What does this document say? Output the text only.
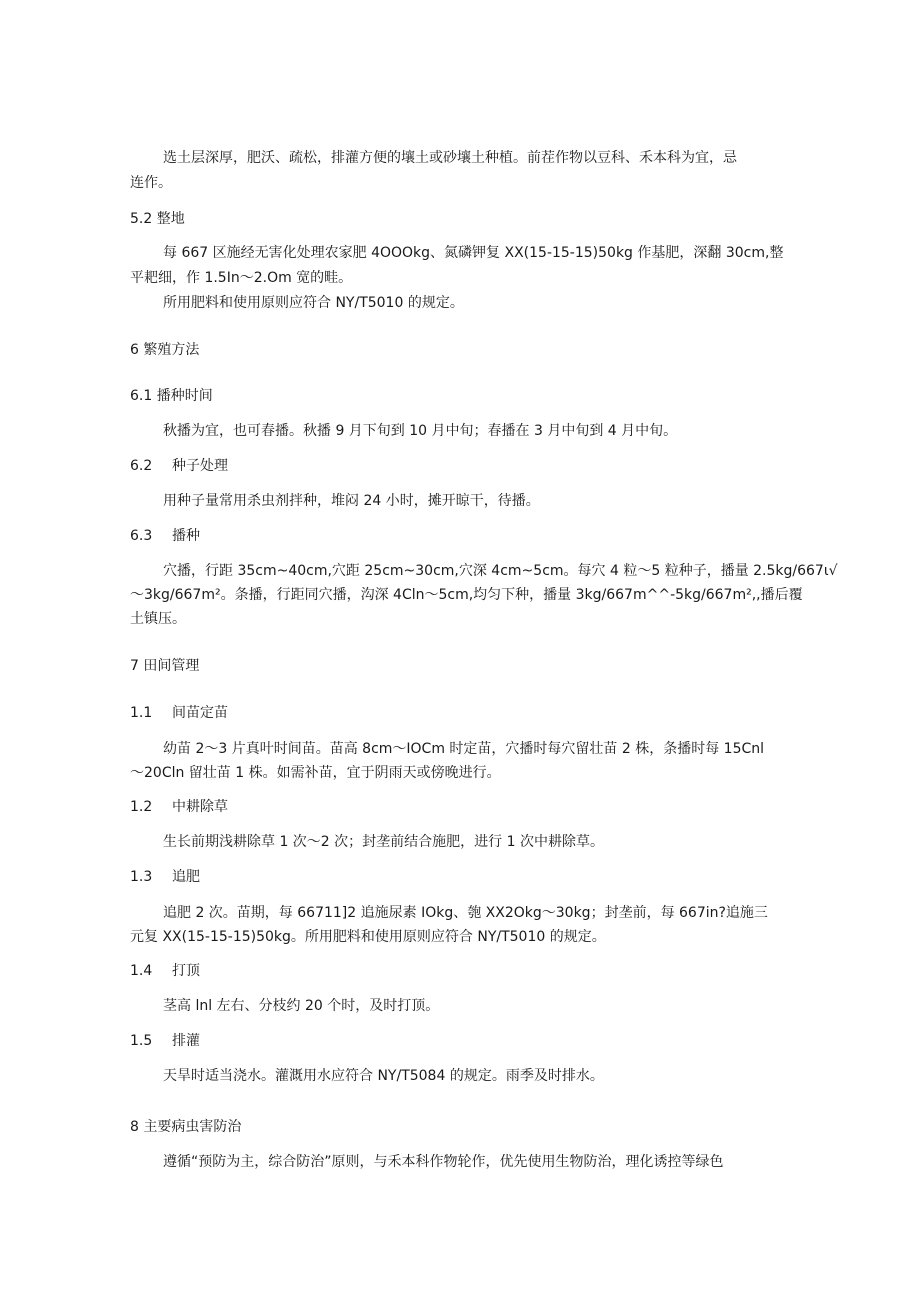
选土层深厚，肥沃、疏松，排灌方便的壤土或砂壤土种植。前茬作物以豆科、禾本科为宜，忌
连作。
5.2 整地
每 667 区施经无害化处理农家肥 4OOOkg、氮磷钾复 XX(15-15-15)50kg 作基肥，深翻 30cm,整
平耙细，作 1.5In～2.Om 宽的畦。
所用肥料和使用原则应符合 NY/T5010 的规定。
6 繁殖方法
6.1 播种时间
秋播为宜，也可春播。秋播 9 月下旬到 10 月中旬；春播在 3 月中旬到 4 月中旬。
6.2 种子处理
用种子量常用杀虫剂拌种，堆闷 24 小时，摊开晾干，待播。
6.3 播种
穴播，行距 35cm~40cm,穴距 25cm~30cm,穴深 4cm~5cm。每穴 4 粒～5 粒种子，播量 2.5kg/667ι√
～3kg/667m²。条播，行距同穴播，沟深 4Cln～5cm,均匀下种，播量 3kg/667m^^-5kg/667m²,,播后覆
土镇压。
7 田间管理
1.1 间苗定苗
幼苗 2～3 片真叶时间苗。苗高 8cm～IOCm 时定苗，穴播时每穴留壮苗 2 株，条播时每 15Cnl
～20Cln 留壮苗 1 株。如需补苗，宜于阴雨天或傍晚进行。
1.2 中耕除草
生长前期浅耕除草 1 次～2 次；封垄前结合施肥，进行 1 次中耕除草。
1.3 追肥
追肥 2 次。苗期，每 66711]2 追施尿素 IOkg、匏 XX2Okg～30kg；封垄前，每 667in?追施三
元复 XX(15-15-15)50kg。所用肥料和使用原则应符合 NY/T5010 的规定。
1.4 打顶
茎高 lnl 左右、分枝约 20 个时，及时打顶。
1.5 排灌
天旱时适当浇水。灌溉用水应符合 NY/T5084 的规定。雨季及时排水。
8 主要病虫害防治
遵循“预防为主，综合防治”原则，与禾本科作物轮作，优先使用生物防治，理化诱控等绿色
